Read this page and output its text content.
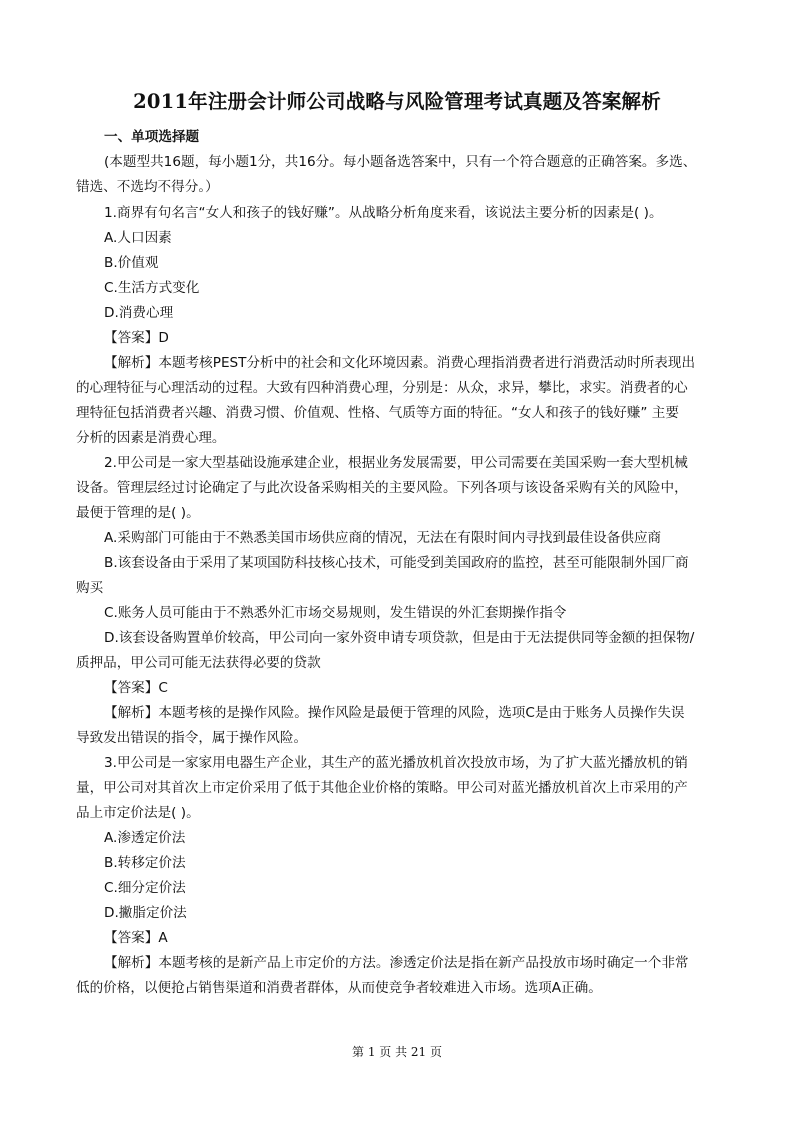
2011年注册会计师公司战略与风险管理考试真题及答案解析
一、单项选择题
(本题型共16题，每小题1分，共16分。每小题备选答案中，只有一个符合题意的正确答案。多选、
错选、不选均不得分。）
1.商界有句名言“女人和孩子的钱好赚”。从战略分析角度来看，该说法主要分析的因素是( )。
A.人口因素
B.价值观
C.生活方式变化
D.消费心理
【答案】D
【解析】本题考核PEST分析中的社会和文化环境因素。消费心理指消费者进行消费活动时所表现出
的心理特征与心理活动的过程。大致有四种消费心理，分别是：从众，求异，攀比，求实。消费者的心
理特征包括消费者兴趣、消费习惯、价值观、性格、气质等方面的特征。“女人和孩子的钱好赚” 主要
分析的因素是消费心理。
2.甲公司是一家大型基础设施承建企业，根据业务发展需要，甲公司需要在美国采购一套大型机械
设备。管理层经过讨论确定了与此次设备采购相关的主要风险。下列各项与该设备采购有关的风险中，
最便于管理的是( )。
A.采购部门可能由于不熟悉美国市场供应商的情况，无法在有限时间内寻找到最佳设备供应商
B.该套设备由于采用了某项国防科技核心技术，可能受到美国政府的监控，甚至可能限制外国厂商
购买
C.账务人员可能由于不熟悉外汇市场交易规则，发生错误的外汇套期操作指令
D.该套设备购置单价较高，甲公司向一家外资申请专项贷款，但是由于无法提供同等金额的担保物/
质押品，甲公司可能无法获得必要的贷款
【答案】C
【解析】本题考核的是操作风险。操作风险是最便于管理的风险，选项C是由于账务人员操作失误
导致发出错误的指令，属于操作风险。
3.甲公司是一家家用电器生产企业，其生产的蓝光播放机首次投放市场，为了扩大蓝光播放机的销
量，甲公司对其首次上市定价采用了低于其他企业价格的策略。甲公司对蓝光播放机首次上市采用的产
品上市定价法是( )。
A.渗透定价法
B.转移定价法
C.细分定价法
D.撇脂定价法
【答案】A
【解析】本题考核的是新产品上市定价的方法。渗透定价法是指在新产品投放市场时确定一个非常
低的价格，以便抢占销售渠道和消费者群体，从而使竞争者较难进入市场。选项A正确。
第 1 页 共 21 页
